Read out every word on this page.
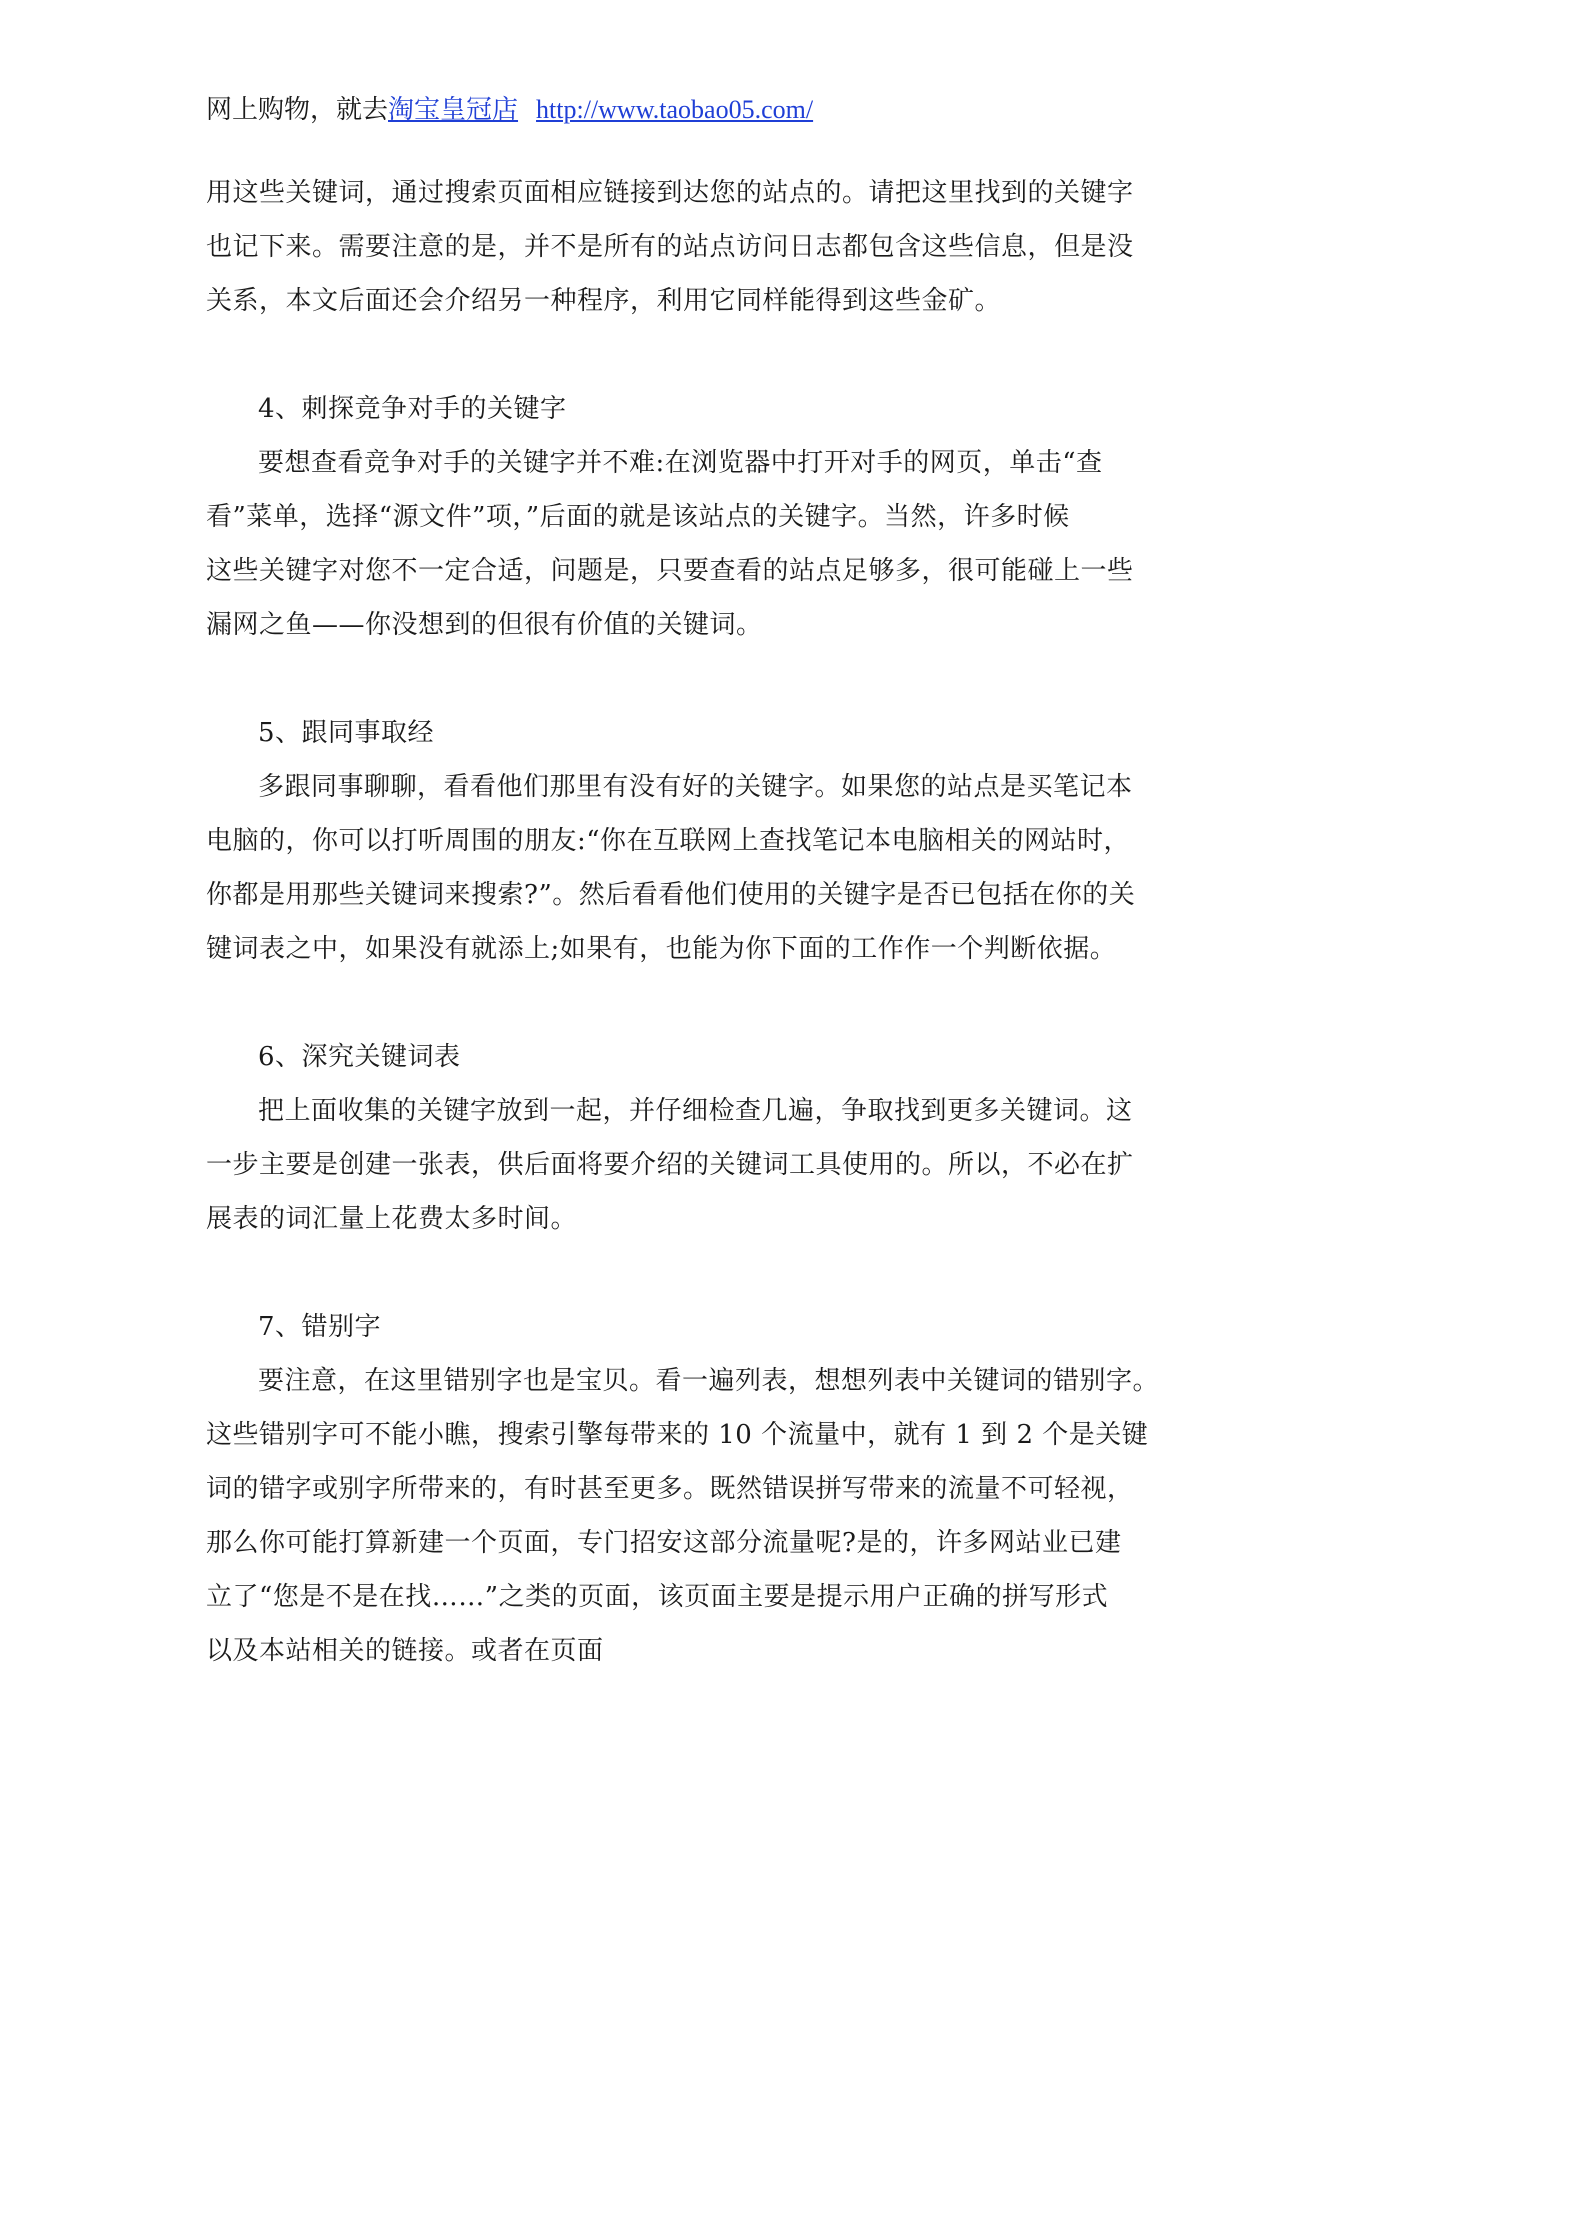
网上购物，就去淘宝皇冠店 http://www.taobao05.com/
用这些关键词，通过搜索页面相应链接到达您的站点的。请把这里找到的关键字
也记下来。需要注意的是，并不是所有的站点访问日志都包含这些信息，但是没
关系，本文后面还会介绍另一种程序，利用它同样能得到这些金矿。
4、刺探竞争对手的关键字
要想查看竞争对手的关键字并不难:在浏览器中打开对手的网页，单击“查
看”菜单，选择“源文件”项，”后面的就是该站点的关键字。当然，许多时候
这些关键字对您不一定合适，问题是，只要查看的站点足够多，很可能碰上一些
漏网之鱼——你没想到的但很有价值的关键词。
5、跟同事取经
多跟同事聊聊，看看他们那里有没有好的关键字。如果您的站点是买笔记本
电脑的，你可以打听周围的朋友:“你在互联网上查找笔记本电脑相关的网站时，
你都是用那些关键词来搜索?”。然后看看他们使用的关键字是否已包括在你的关
键词表之中，如果没有就添上;如果有，也能为你下面的工作作一个判断依据。
6、深究关键词表
把上面收集的关键字放到一起，并仔细检查几遍，争取找到更多关键词。这
一步主要是创建一张表，供后面将要介绍的关键词工具使用的。所以，不必在扩
展表的词汇量上花费太多时间。
7、错别字
要注意，在这里错别字也是宝贝。看一遍列表，想想列表中关键词的错别字。
这些错别字可不能小瞧，搜索引擎每带来的 10 个流量中，就有 1 到 2 个是关键
词的错字或别字所带来的，有时甚至更多。既然错误拼写带来的流量不可轻视，
那么你可能打算新建一个页面，专门招安这部分流量呢?是的，许多网站业已建
立了“您是不是在找……”之类的页面，该页面主要是提示用户正确的拼写形式
以及本站相关的链接。或者在页面
